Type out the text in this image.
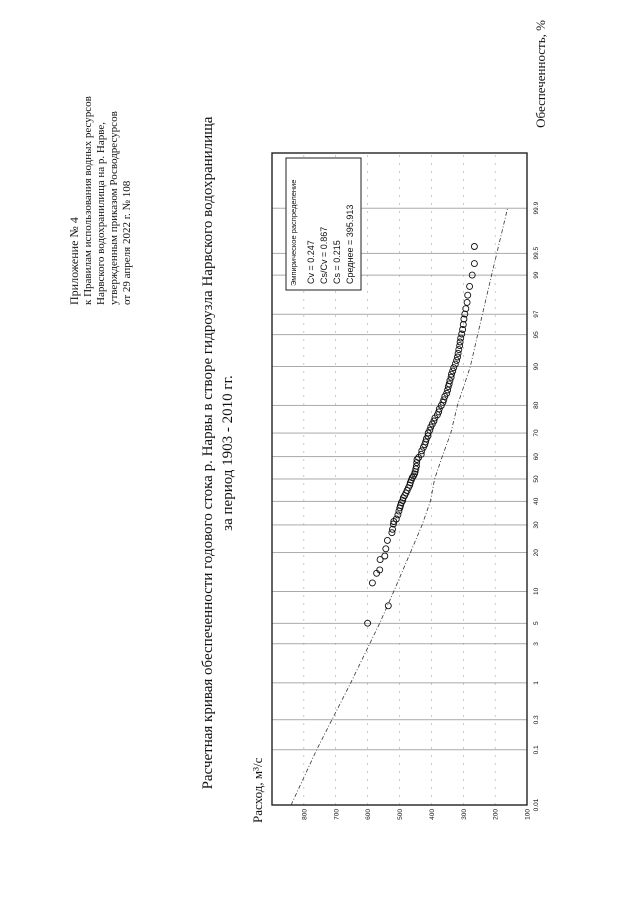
0.01
0.1
0.3
1
3
5
10
20
30
40
50
60
70
80
90
95
97
99
99.5
99.9
100
200
300
400
500
600
700
800
Эмпирическое распределение Cv = 0.247 Cs/Cv = 0.867 Cs = 0.215 Среднее = 395.913
Обеспеченность, %
Расход, м³/с
Расчетная кривая обеспеченности годового стока р. Нарвы в створе гидроузла Нарвского водохранилища за период 1903 - 2010 гг.
Приложение № 4 к Правилам использования водных ресурсов Нарвского водохранилища на р. Нарве, утвержденным приказом Росводресурсов от 29 апреля 2022 г. № 108
